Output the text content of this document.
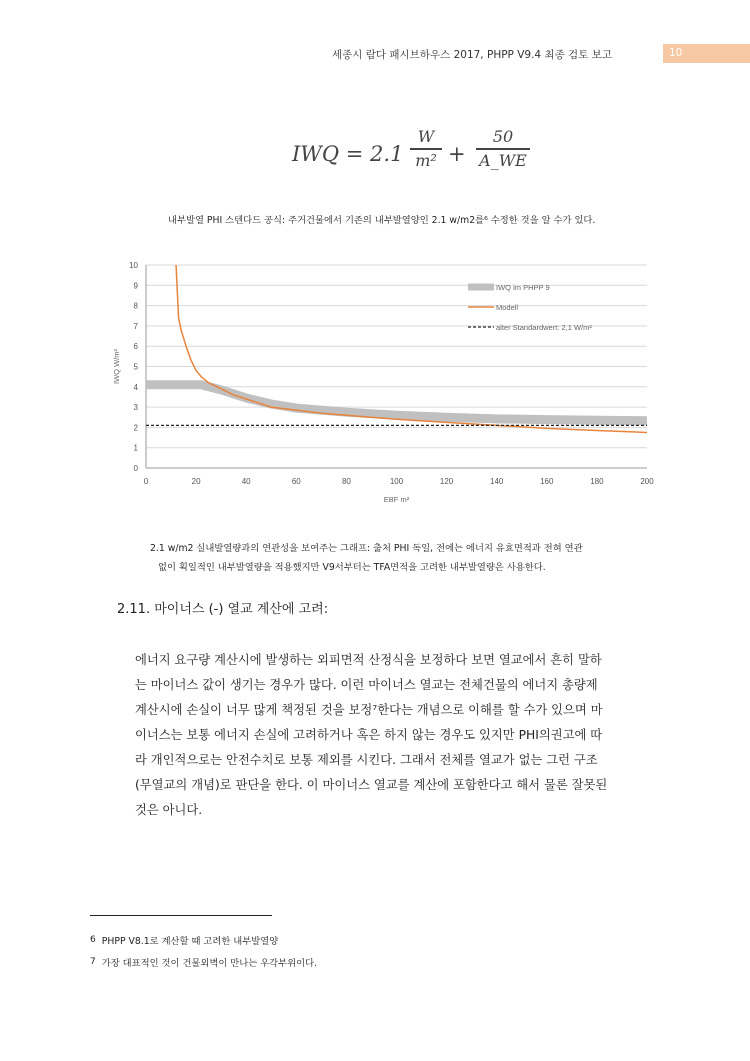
세종시 람다 패시브하우스 2017, PHPP V9.4 최종 검토 보고	10
IWQ = 2.1
W
m² +
50
A_WE
내부발열 PHI 스텐다드 공식: 주거건물에서 기존의 내부발열양인 2.1 w/m2를⁶ 수정한 것을 알 수가 있다.
0
1
2
3
4
5
6
7
8
9
10
0	20	40	60	80	100	120	140	160	180	200
EBF m²
IWQ W/m²
IWQ im PHPP 9
Modell
alter Standardwert: 2,1 W/m²
2.1 w/m2 실내발열량과의 연관성을 보여주는 그래프: 출처 PHI 독일, 전에는 에너지 유효면적과 전혀 연관
없이 획일적인 내부발열량을 적용했지만 V9서부터는 TFA면적을 고려한 내부발열량은 사용한다.
2.11. 마이너스 (-) 열교 계산에 고려:
에너지 요구량 계산시에 발생하는 외피면적 산정식을 보정하다 보면 열교에서 흔히 말하
는 마이너스 값이 생기는 경우가 많다. 이런 마이너스 열교는 전체건물의 에너지 총량제
계산시에 손실이 너무 많게 책정된 것을 보정⁷한다는 개념으로 이해를 할 수가 있으며 마
이너스는 보통 에너지 손실에 고려하거나 혹은 하지 않는 경우도 있지만 PHI의권고에 따
라 개인적으로는 안전수치로 보통 제외를 시킨다. 그래서 전체를 열교가 없는 그런 구조
(무열교의 개념)로 판단을 한다. 이 마이너스 열교를 계산에 포함한다고 해서 물론 잘못된
것은 아니다.
6 PHPP V8.1로 계산할 때 고려한 내부발열양
7 가장 대표적인 것이 건물외벽이 만나는 우각부위이다.
